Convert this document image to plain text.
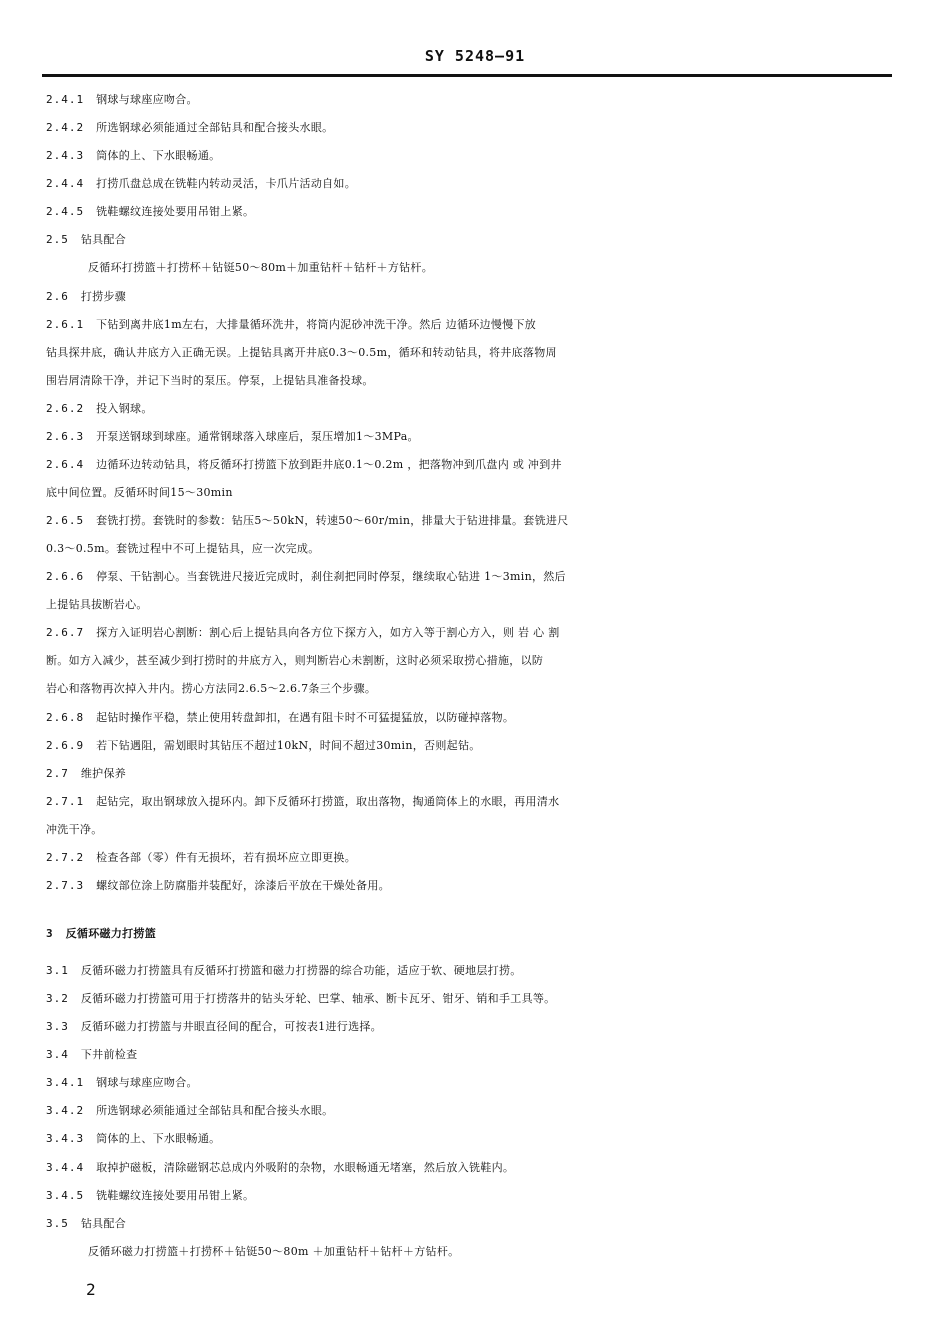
SY 5248—91
2.4.1 钢球与球座应吻合。
2.4.2 所选钢球必须能通过全部钻具和配合接头水眼。
2.4.3 筒体的上、下水眼畅通。
2.4.4 打捞爪盘总成在铣鞋内转动灵活，卡爪片活动自如。
2.4.5 铣鞋螺纹连接处要用吊钳上紧。
2.5 钻具配合
反循环打捞篮＋打捞杯＋钻铤50～80m＋加重钻杆＋钻杆＋方钻杆。
2.6 打捞步骤
2.6.1 下钻到离井底1m左右，大排量循环洗井，将筒内泥砂冲洗干净。然后 边循环边慢慢下放
钻具探井底，确认井底方入正确无误。上提钻具离开井底0.3～0.5m，循环和转动钻具，将井底落物周
围岩屑清除干净，并记下当时的泵压。停泵，上提钻具准备投球。
2.6.2 投入钢球。
2.6.3 开泵送钢球到球座。通常钢球落入球座后，泵压增加1～3MPa。
2.6.4 边循环边转动钻具，将反循环打捞篮下放到距井底0.1～0.2m ，把落物冲到爪盘内 或 冲到井
底中间位置。反循环时间15～30min
2.6.5 套铣打捞。套铣时的参数：钻压5～50kN，转速50～60r/min，排量大于钻进排量。套铣进尺
0.3～0.5m。套铣过程中不可上提钻具，应一次完成。
2.6.6 停泵、干钻割心。当套铣进尺接近完成时，刹住刹把同时停泵，继续取心钻进 1～3min，然后
上提钻具拔断岩心。
2.6.7 探方入证明岩心割断：割心后上提钻具向各方位下探方入，如方入等于割心方入，则 岩 心 割
断。如方入减少，甚至减少到打捞时的井底方入，则判断岩心未割断，这时必须采取捞心措施，以防
岩心和落物再次掉入井内。捞心方法同2.6.5～2.6.7条三个步骤。
2.6.8 起钻时操作平稳，禁止使用转盘卸扣，在遇有阻卡时不可猛提猛放，以防碰掉落物。
2.6.9 若下钻遇阻，需划眼时其钻压不超过10kN，时间不超过30min，否则起钻。
2.7 维护保养
2.7.1 起钻完，取出钢球放入提环内。卸下反循环打捞篮，取出落物，掏通筒体上的水眼，再用清水
冲洗干净。
2.7.2 检查各部（零）件有无损坏，若有损坏应立即更换。
2.7.3 螺纹部位涂上防腐脂并装配好，涂漆后平放在干燥处备用。
3 反循环磁力打捞篮
3.1 反循环磁力打捞篮具有反循环打捞篮和磁力打捞器的综合功能，适应于软、硬地层打捞。
3.2 反循环磁力打捞篮可用于打捞落井的钻头牙轮、巴掌、轴承、断卡瓦牙、钳牙、销和手工具等。
3.3 反循环磁力打捞篮与井眼直径间的配合，可按表1进行选择。
3.4 下井前检查
3.4.1 钢球与球座应吻合。
3.4.2 所选钢球必须能通过全部钻具和配合接头水眼。
3.4.3 筒体的上、下水眼畅通。
3.4.4 取掉护磁板，清除磁钢芯总成内外吸附的杂物，水眼畅通无堵塞，然后放入铣鞋内。
3.4.5 铣鞋螺纹连接处要用吊钳上紧。
3.5 钻具配合
反循环磁力打捞篮＋打捞杯＋钻铤50～80m ＋加重钻杆＋钻杆＋方钻杆。
2
